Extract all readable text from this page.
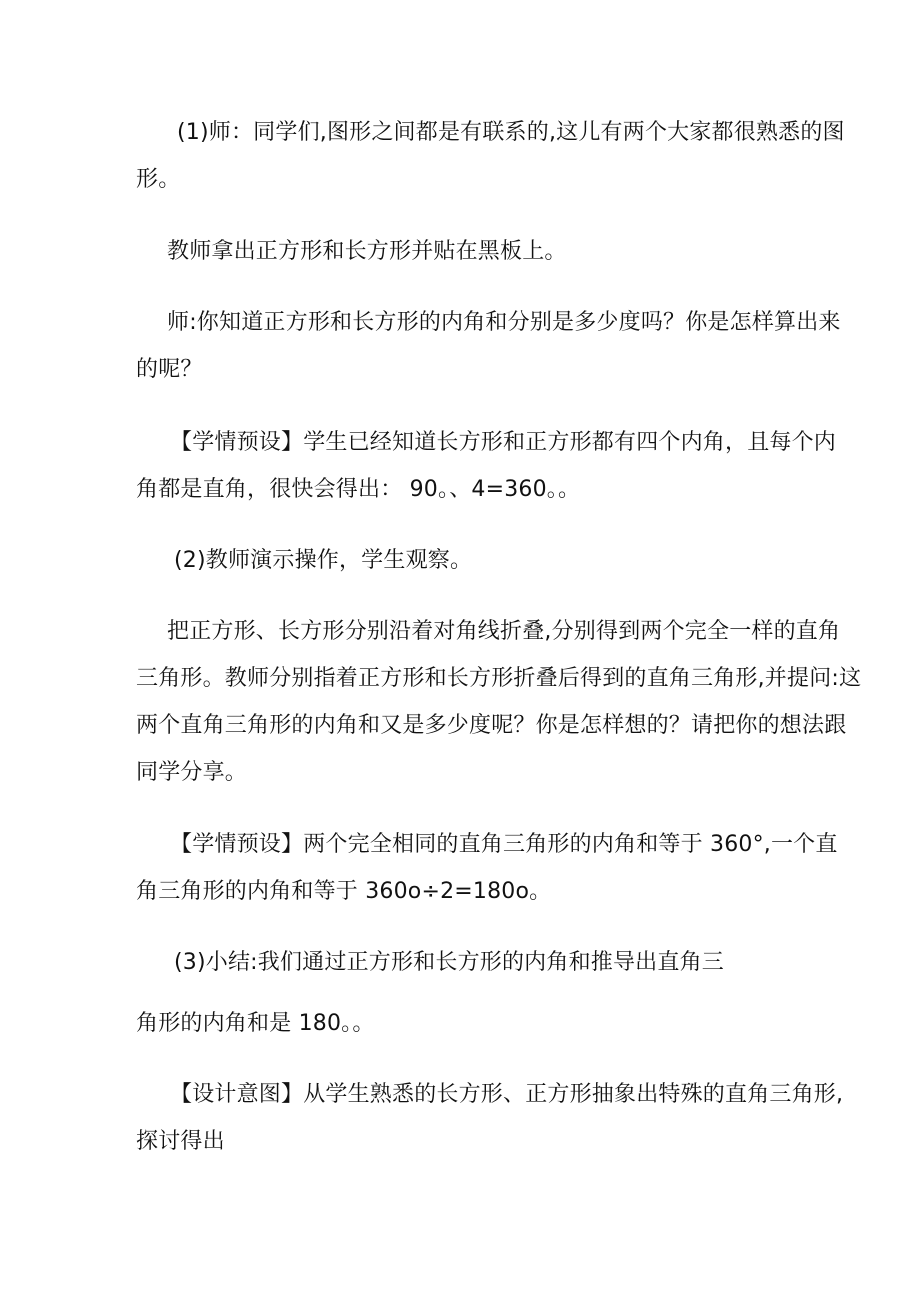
(1)师：同学们,图形之间都是有联系的,这儿有两个大家都很熟悉的图
形。
教师拿出正方形和长方形并贴在黑板上。
师:你知道正方形和长方形的内角和分别是多少度吗？你是怎样算出来
的呢？
【学情预设】学生已经知道长方形和正方形都有四个内角，且每个内
角都是直角，很快会得出： 90。、4=360。。
(2)教师演示操作，学生观察。
把正方形、长方形分别沿着对角线折叠,分别得到两个完全一样的直角
三角形。教师分别指着正方形和长方形折叠后得到的直角三角形,并提问:这
两个直角三角形的内角和又是多少度呢？你是怎样想的？请把你的想法跟
同学分享。
【学情预设】两个完全相同的直角三角形的内角和等于 360°,一个直
角三角形的内角和等于 360o÷2=180o。
(3)小结:我们通过正方形和长方形的内角和推导出直角三
角形的内角和是 180。。
【设计意图】从学生熟悉的长方形、正方形抽象出特殊的直角三角形,
探讨得出
